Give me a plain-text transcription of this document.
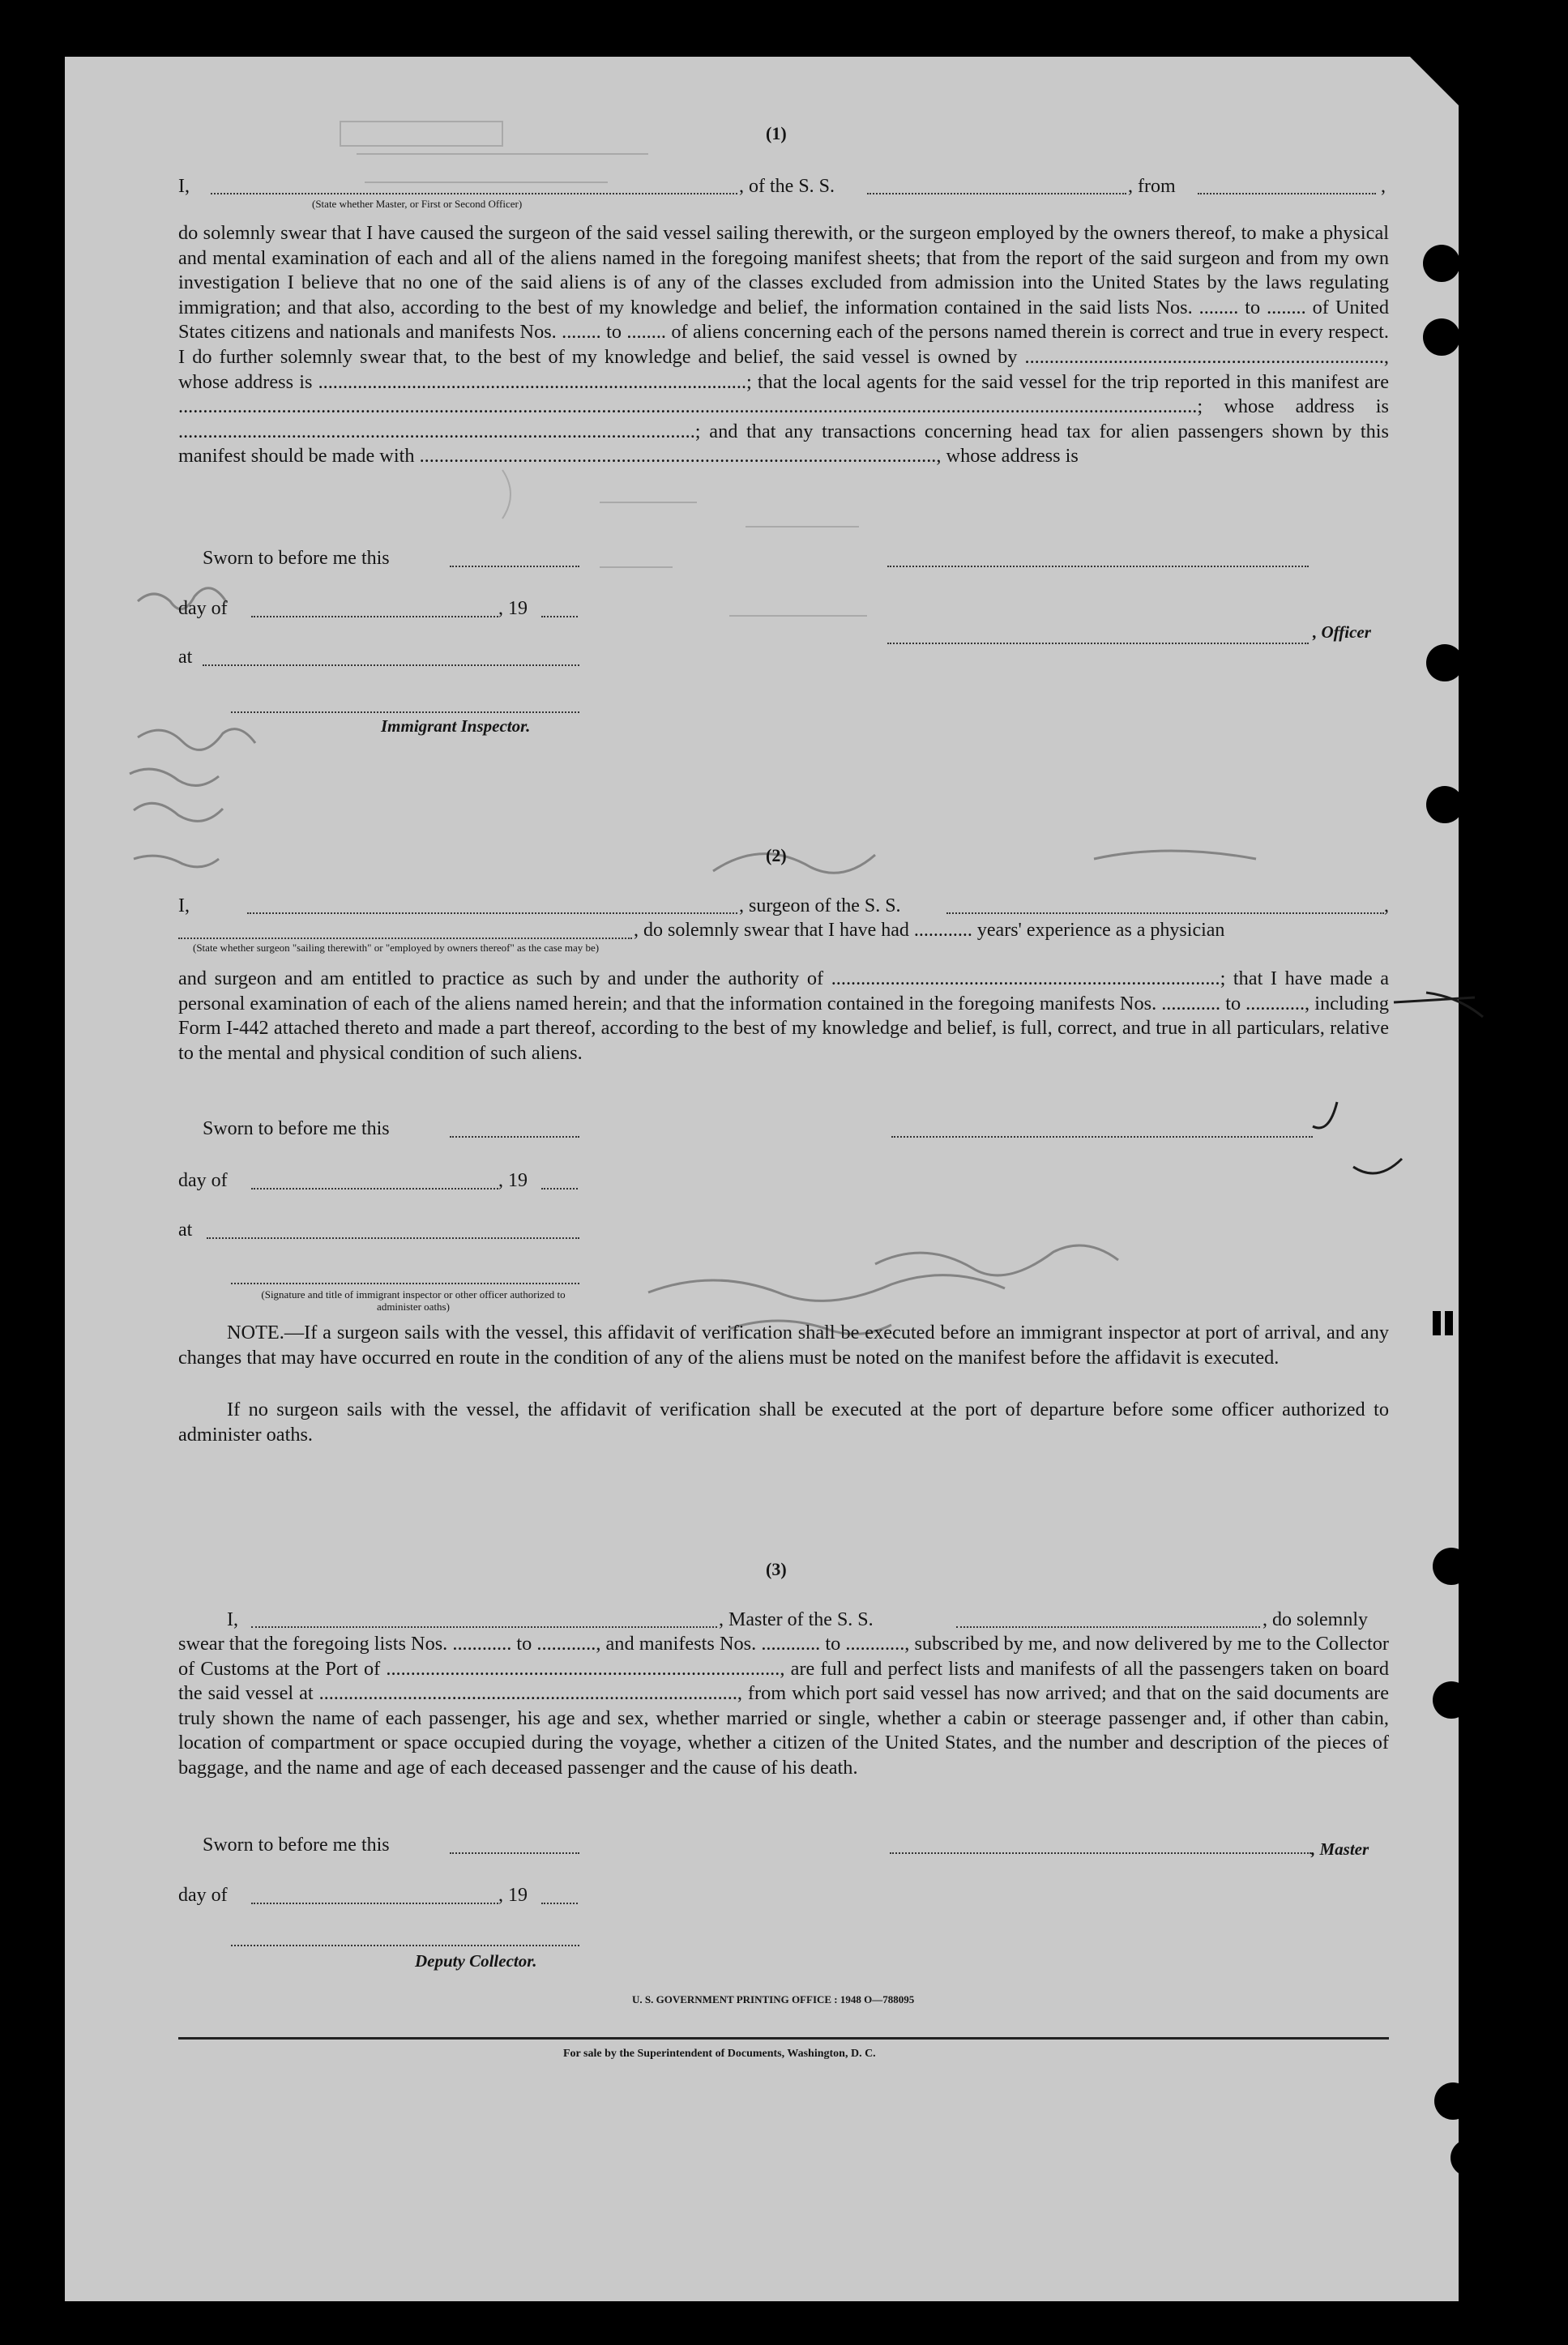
(1)
I,	, of the S. S.	, from	,
(State whether Master, or First or Second Officer)
do solemnly swear that I have caused the surgeon of the said vessel sailing therewith, or the surgeon employed by the owners thereof, to make a physical and mental examination of each and all of the aliens named in the foregoing manifest sheets; that from the report of the said surgeon and from my own investigation I believe that no one of the said aliens is of any of the classes excluded from admission into the United States by the laws regulating immigration; and that also, according to the best of my knowledge and belief, the information contained in the said lists Nos. ........ to ........ of United States citizens and nationals and manifests Nos. ........ to ........ of aliens concerning each of the persons named therein is correct and true in every respect. I do further solemnly swear that, to the best of my knowledge and belief, the said vessel is owned by ........................................................................., whose address is .......................................................................................; that the local agents for the said vessel for the trip reported in this manifest are ...............................................................................................................................................................................................................; whose address is .........................................................................................................; and that any transactions concerning head tax for alien passengers shown by this manifest should be made with ........................................................................................................., whose address is
Sworn to before me this
day of	, 19
, Officer
at
Immigrant Inspector.
(2)
I,	, surgeon of the S. S.	,
, do solemnly swear that I have had ............ years' experience as a physician
(State whether surgeon "sailing therewith" or "employed by owners thereof" as the case may be)
and surgeon and am entitled to practice as such by and under the authority of ...............................................................................; that I have made a personal examination of each of the aliens named herein; and that the information contained in the foregoing manifests Nos. ............ to ............, including Form I-442 attached thereto and made a part thereof, according to the best of my knowledge and belief, is full, correct, and true in all particulars, relative to the mental and physical condition of such aliens.
Sworn to before me this
day of	, 19
at
(Signature and title of immigrant inspector or other officer authorized to administer oaths)
NOTE.—If a surgeon sails with the vessel, this affidavit of verification shall be executed before an immigrant inspector at port of arrival, and any changes that may have occurred en route in the condition of any of the aliens must be noted on the manifest before the affidavit is executed.
If no surgeon sails with the vessel, the affidavit of verification shall be executed at the port of departure before some officer authorized to administer oaths.
(3)
I,	, Master of the S. S.	, do solemnly
swear that the foregoing lists Nos. ............ to ............, and manifests Nos. ............ to ............, subscribed by me, and now delivered by me to the Collector of Customs at the Port of ................................................................................, are full and perfect lists and manifests of all the passengers taken on board the said vessel at ....................................................................................., from which port said vessel has now arrived; and that on the said documents are truly shown the name of each passenger, his age and sex, whether married or single, whether a cabin or steerage passenger and, if other than cabin, location of compartment or space occupied during the voyage, whether a citizen of the United States, and the number and description of the pieces of baggage, and the name and age of each deceased passenger and the cause of his death.
Sworn to before me this	, Master
day of	, 19
Deputy Collector.
U. S. GOVERNMENT PRINTING OFFICE : 1948 O—788095
For sale by the Superintendent of Documents, Washington, D. C.
